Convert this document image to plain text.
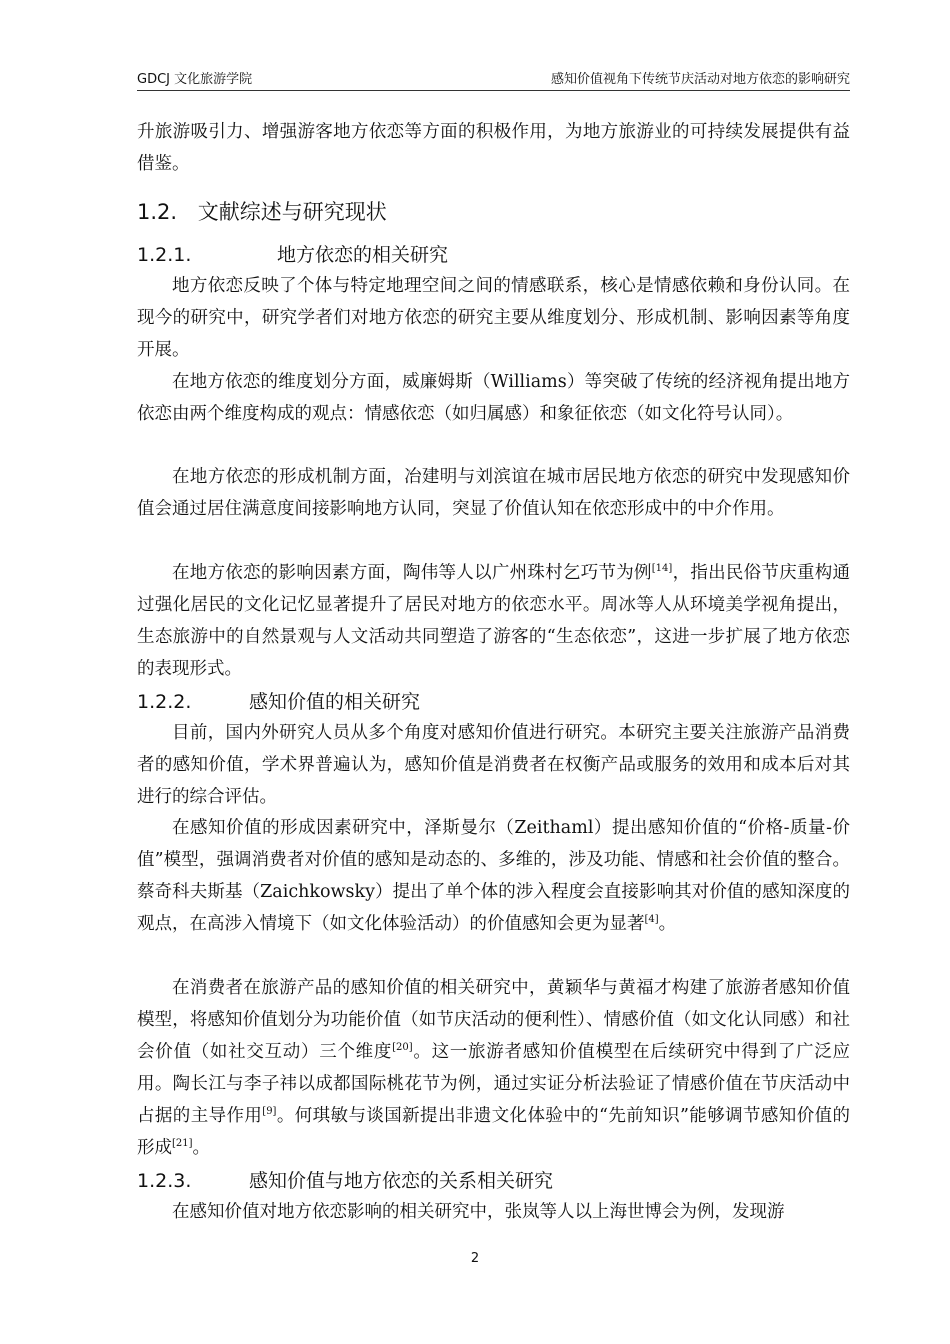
GDCJ 文化旅游学院	感知价值视角下传统节庆活动对地方依恋的影响研究

升旅游吸引力、增强游客地方依恋等方面的积极作用，为地方旅游业的可持续发展提供有益借鉴。

1.2. 文献综述与研究现状
1.2.1.	地方依恋的相关研究

地方依恋反映了个体与特定地理空间之间的情感联系，核心是情感依赖和身份认同。在现今的研究中，研究学者们对地方依恋的研究主要从维度划分、形成机制、影响因素等角度开展。

在地方依恋的维度划分方面，威廉姆斯（Williams）等突破了传统的经济视角提出地方依恋由两个维度构成的观点：情感依恋（如归属感）和象征依恋（如文化符号认同）。

在地方依恋的形成机制方面，冶建明与刘滨谊在城市居民地方依恋的研究中发现感知价值会通过居住满意度间接影响地方认同，突显了价值认知在依恋形成中的中介作用。

在地方依恋的影响因素方面，陶伟等人以广州珠村乞巧节为例[14]，指出民俗节庆重构通过强化居民的文化记忆显著提升了居民对地方的依恋水平。周冰等人从环境美学视角提出，生态旅游中的自然景观与人文活动共同塑造了游客的“生态依恋”，这进一步扩展了地方依恋的表现形式。

1.2.2.	感知价值的相关研究

目前，国内外研究人员从多个角度对感知价值进行研究。本研究主要关注旅游产品消费者的感知价值，学术界普遍认为，感知价值是消费者在权衡产品或服务的效用和成本后对其进行的综合评估。

在感知价值的形成因素研究中，泽斯曼尔（Zeithaml）提出感知价值的“价格-质量-价值”模型，强调消费者对价值的感知是动态的、多维的，涉及功能、情感和社会价值的整合。蔡奇科夫斯基（Zaichkowsky）提出了单个体的涉入程度会直接影响其对价值的感知深度的观点，在高涉入情境下（如文化体验活动）的价值感知会更为显著[4]。

在消费者在旅游产品的感知价值的相关研究中，黄颖华与黄福才构建了旅游者感知价值模型，将感知价值划分为功能价值（如节庆活动的便利性）、情感价值（如文化认同感）和社会价值（如社交互动）三个维度[20]。这一旅游者感知价值模型在后续研究中得到了广泛应用。陶长江与李子祎以成都国际桃花节为例，通过实证分析法验证了情感价值在节庆活动中占据的主导作用[9]。何琪敏与谈国新提出非遗文化体验中的“先前知识”能够调节感知价值的形成[21]。

1.2.3.	感知价值与地方依恋的关系相关研究

在感知价值对地方依恋影响的相关研究中，张岚等人以上海世博会为例，发现游

2
